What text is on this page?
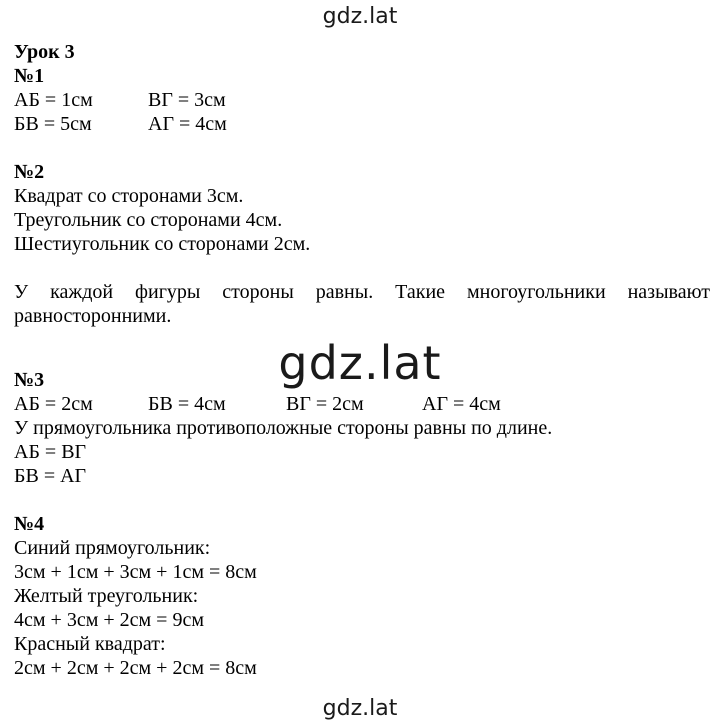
gdz.lat
Урок 3
№1
АБ = 1см	ВГ = 3см
БВ = 5см	АГ = 4см
№2
Квадрат со сторонами 3см.
Треугольник со сторонами 4см.
Шестиугольник со сторонами 2см.
У каждой фигуры стороны равны. Такие многоугольники называют
равносторонними.
№3
АБ = 2см	БВ = 4см	ВГ = 2см	АГ = 4см
У прямоугольника противоположные стороны равны по длине.
АБ = ВГ
БВ = АГ
№4
Синий прямоугольник:
3см + 1см + 3см + 1см = 8см
Желтый треугольник:
4см + 3см + 2см = 9см
Красный квадрат:
2см + 2см + 2см + 2см = 8см
gdz.lat
gdz.lat
